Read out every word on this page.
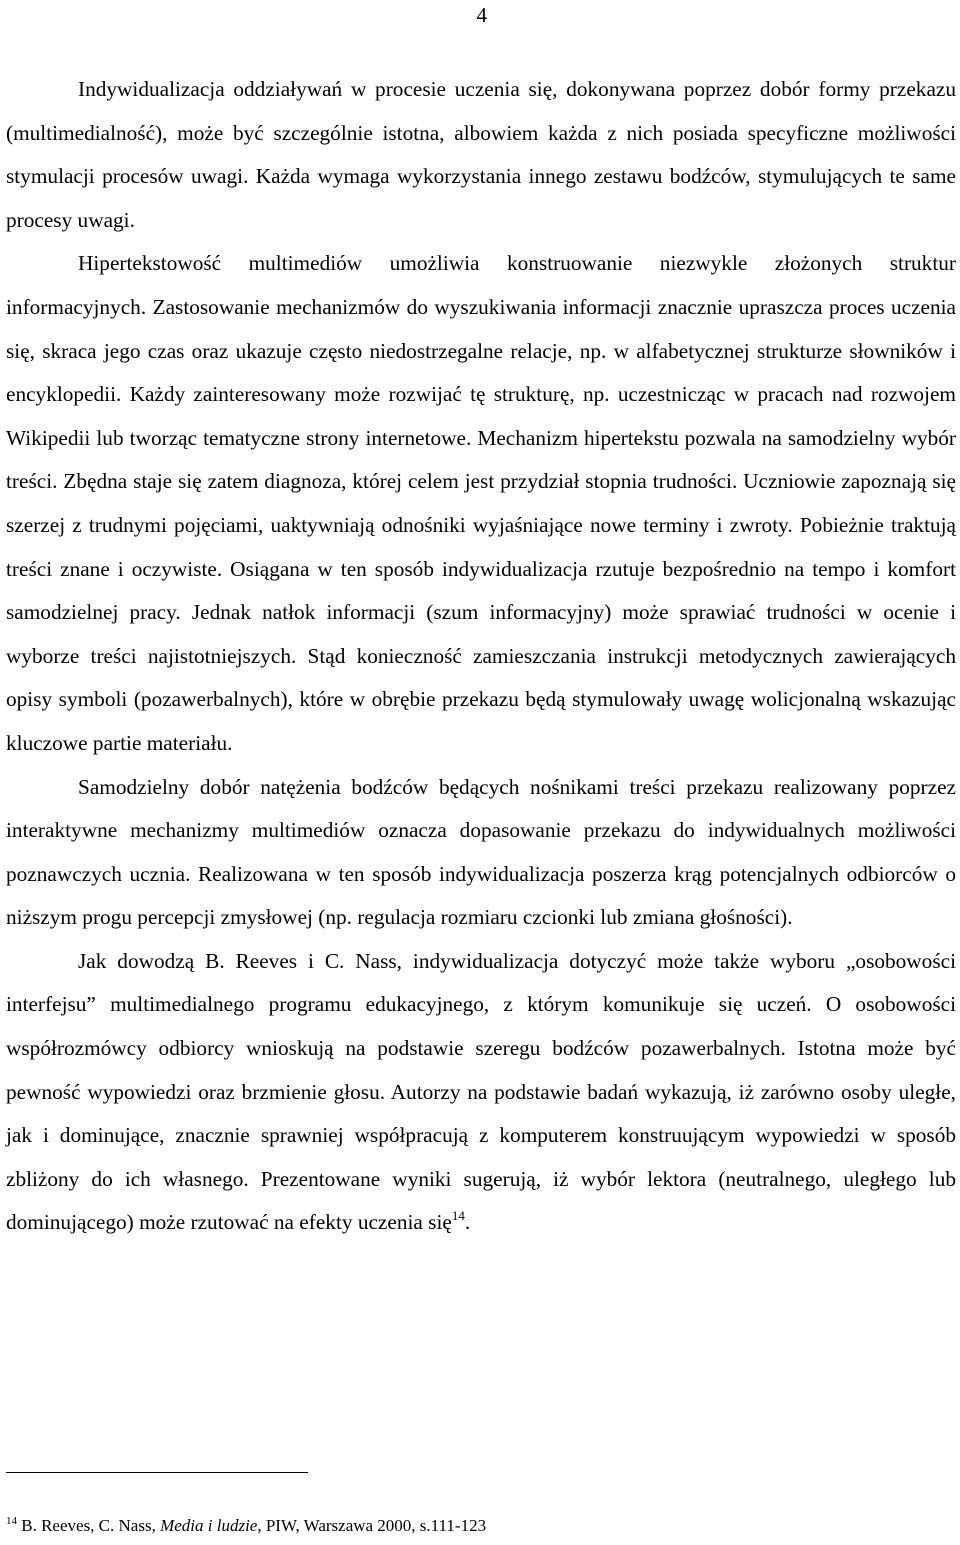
4

Indywidualizacja oddziaływań w procesie uczenia się, dokonywana poprzez dobór formy przekazu (multimedialność), może być szczególnie istotna, albowiem każda z nich posiada specyficzne możliwości stymulacji procesów uwagi. Każda wymaga wykorzystania innego zestawu bodźców, stymulujących te same procesy uwagi.

Hipertekstowość multimediów umożliwia konstruowanie niezwykle złożonych struktur informacyjnych. Zastosowanie mechanizmów do wyszukiwania informacji znacznie upraszcza proces uczenia się, skraca jego czas oraz ukazuje często niedostrzegalne relacje, np. w alfabetycznej strukturze słowników i encyklopedii. Każdy zainteresowany może rozwijać tę strukturę, np. uczestnicząc w pracach nad rozwojem Wikipedii lub tworząc tematyczne strony internetowe. Mechanizm hipertekstu pozwala na samodzielny wybór treści. Zbędna staje się zatem diagnoza, której celem jest przydział stopnia trudności. Uczniowie zapoznają się szerzej z trudnymi pojęciami, uaktywniają odnośniki wyjaśniające nowe terminy i zwroty. Pobieżnie traktują treści znane i oczywiste. Osiągana w ten sposób indywidualizacja rzutuje bezpośrednio na tempo i komfort samodzielnej pracy. Jednak natłok informacji (szum informacyjny) może sprawiać trudności w ocenie i wyborze treści najistotniejszych. Stąd konieczność zamieszczania instrukcji metodycznych zawierających opisy symboli (pozawerbalnych), które w obrębie przekazu będą stymulowały uwagę wolicjonalną wskazując kluczowe partie materiału.

Samodzielny dobór natężenia bodźców będących nośnikami treści przekazu realizowany poprzez interaktywne mechanizmy multimediów oznacza dopasowanie przekazu do indywidualnych możliwości poznawczych ucznia. Realizowana w ten sposób indywidualizacja poszerza krąg potencjalnych odbiorców o niższym progu percepcji zmysłowej (np. regulacja rozmiaru czcionki lub zmiana głośności).

Jak dowodzą B. Reeves i C. Nass, indywidualizacja dotyczyć może także wyboru „osobowości interfejsu” multimedialnego programu edukacyjnego, z którym komunikuje się uczeń. O osobowości współrozmówcy odbiorcy wnioskują na podstawie szeregu bodźców pozawerbalnych. Istotna może być pewność wypowiedzi oraz brzmienie głosu. Autorzy na podstawie badań wykazują, iż zarówno osoby uległe, jak i dominujące, znacznie sprawniej współpracują z komputerem konstruującym wypowiedzi w sposób zbliżony do ich własnego. Prezentowane wyniki sugerują, iż wybór lektora (neutralnego, uległego lub dominującego) może rzutować na efekty uczenia się$^{14}$.

$^{14}$ B. Reeves, C. Nass, Media i ludzie, PIW, Warszawa 2000, s.111-123
